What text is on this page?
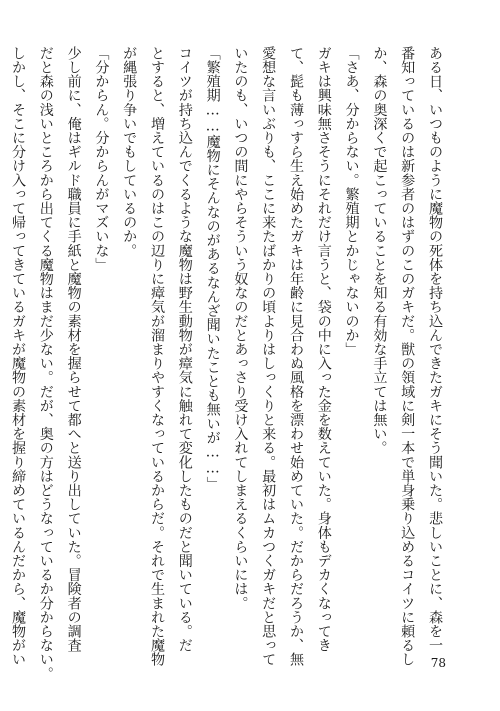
ある日、いつものように魔物の死体を持ち込んできたガキにそう聞いた。悲しいことに、森を一

番知っているのは新参者のはずのこのガキだ。獣の領域に剣一本で単身乗り込めるコイツに頼るし

か、森の奥深くで起こっていることを知る有効な手立ては無い。

「さあ、分からない。繁殖期とかじゃないのか」

ガキは興味無さそうにそれだけ言うと、袋の中に入った金を数えていた。身体もデカくなってき

て、髭も薄っすら生え始めたガキは年齢に見合わぬ風格を漂わせ始めていた。だからだろうか、無

愛想な言いぶりも、ここに来たばかりの頃よりはしっくりと来る。最初はムカつくガキだと思って

いたのも、いつの間にやらそういう奴なのだとあっさり受け入れてしまえるくらいには。

「繁殖期……魔物にそんなのがあるなんざ聞いたことも無いが……」

コイツが持ち込んでくるような魔物は野生動物が瘴気に触れて変化したものだと聞いている。だ

とすると、増えているのはこの辺りに瘴気が溜まりやすくなっているからだ。それで生まれた魔物

が縄張り争いでもしているのか。

「分からん。分からんがマズいな」

少し前に、俺はギルド職員に手紙と魔物の素材を握らせて都へと送り出していた。冒険者の調査

だと森の浅いところから出てくる魔物はまだ少ない。だが、奥の方はどうなっているか分からない。

しかし、そこに分け入って帰ってきているガキが魔物の素材を握り締めているんだから、魔物がい	78
